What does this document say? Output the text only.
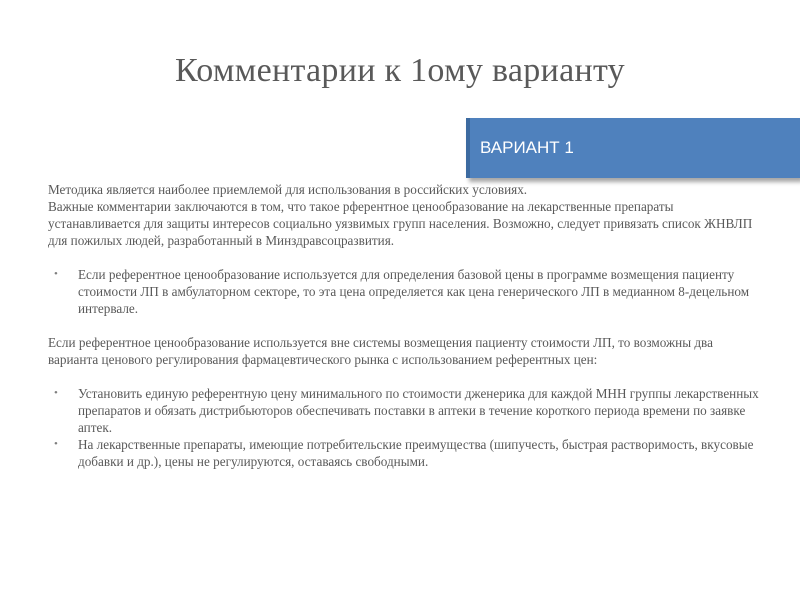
Комментарии к 1ому варианту
ВАРИАНТ 1

Методика является наиболее приемлемой для использования в российских условиях.

Важные комментарии заключаются в том, что такое рферентное ценообразование на лекарственные препараты устанавливается для защиты интересов социально уязвимых групп населения. Возможно, следует привязать список ЖНВЛП для пожилых людей, разработанный в Минздравсоцразвития.

• Если референтное ценообразование используется для определения базовой цены в программе возмещения пациенту стоимости ЛП в амбулаторном секторе, то эта цена определяется как цена генерического ЛП в медианном 8-децельном интервале.

Если референтное ценообразование используется вне системы возмещения пациенту стоимости ЛП, то возможны два варианта ценового регулирования фармацевтического рынка с использованием референтных цен:

• Установить единую референтную цену минимального по стоимости дженерика для каждой МНН группы лекарственных препаратов и обязать дистрибьюторов обеспечивать поставки в аптеки в течение короткого периода времени по заявке аптек.
• На лекарственные препараты, имеющие потребительские преимущества (шипучесть, быстрая растворимость, вкусовые добавки и др.), цены не регулируются, оставаясь свободными.
